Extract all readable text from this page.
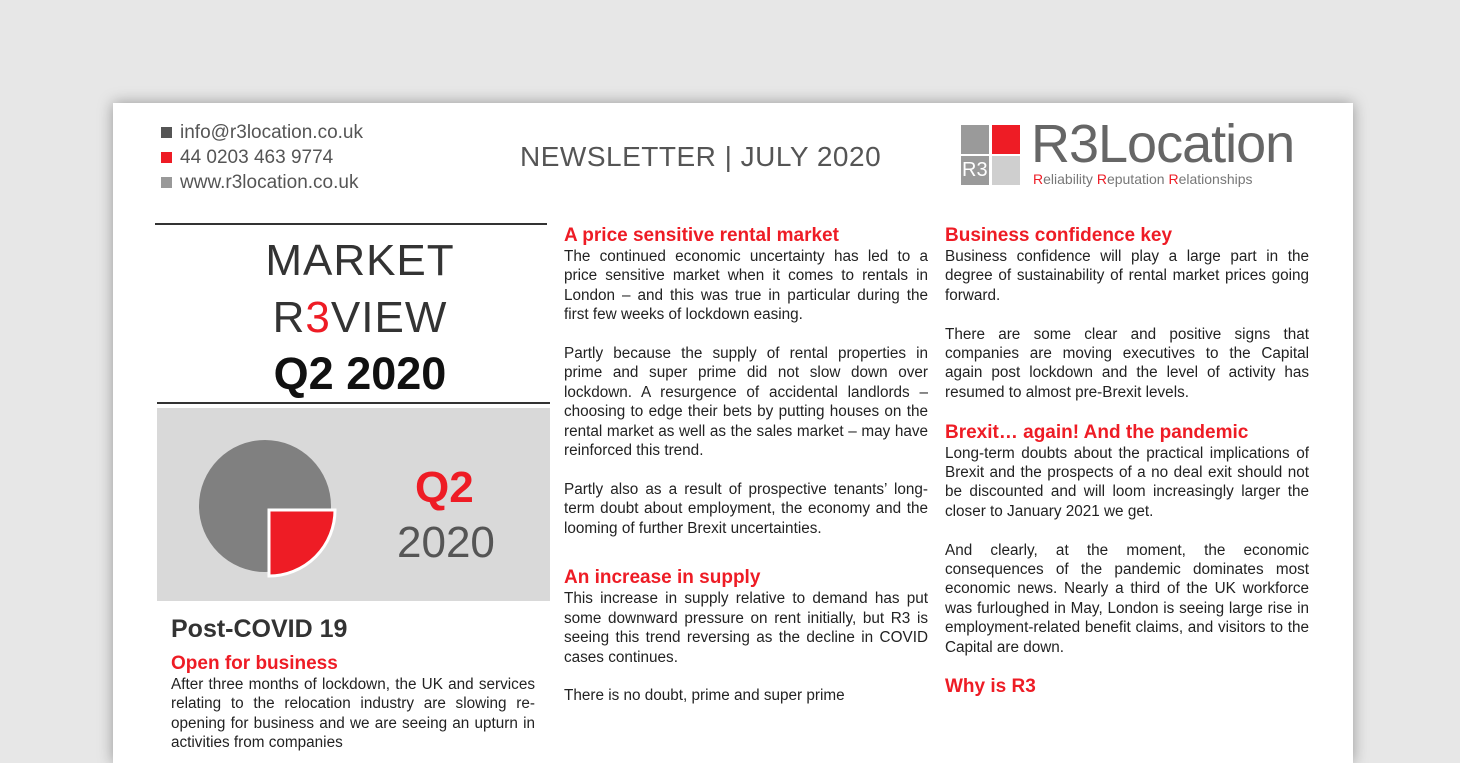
info@r3location.co.uk
44 0203 463 9774
www.r3location.co.uk
NEWSLETTER | JULY 2020	R3 R3Location
Reliability Reputation Relationships
MARKET
R3VIEW
Q2 2020
Q2
2020
Post-COVID 19
Open for business

After three months of lockdown, the UK and services relating to the relocation industry are slowing re-opening for business and we are seeing an upturn in activities from companies

A price sensitive rental market

The continued economic uncertainty has led to a price sensitive market when it comes to rentals in London – and this was true in particular during the first few weeks of lockdown easing.

Partly because the supply of rental properties in prime and super prime did not slow down over lockdown. A resurgence of accidental landlords – choosing to edge their bets by putting houses on the rental market as well as the sales market – may have reinforced this trend.

Partly also as a result of prospective tenants’ long-term doubt about employment, the economy and the looming of further Brexit uncertainties.

An increase in supply

This increase in supply relative to demand has put some downward pressure on rent initially, but R3 is seeing this trend reversing as the decline in COVID cases continues.

There is no doubt, prime and super prime

Business confidence key

Business confidence will play a large part in the degree of sustainability of rental market prices going forward.

There are some clear and positive signs that companies are moving executives to the Capital again post lockdown and the level of activity has resumed to almost pre-Brexit levels.

Brexit… again! And the pandemic

Long-term doubts about the practical implications of Brexit and the prospects of a no deal exit should not be discounted and will loom increasingly larger the closer to January 2021 we get.

And clearly, at the moment, the economic consequences of the pandemic dominates most economic news. Nearly a third of the UK workforce was furloughed in May, London is seeing large rise in employment-related benefit claims, and visitors to the Capital are down.

Why is R3
